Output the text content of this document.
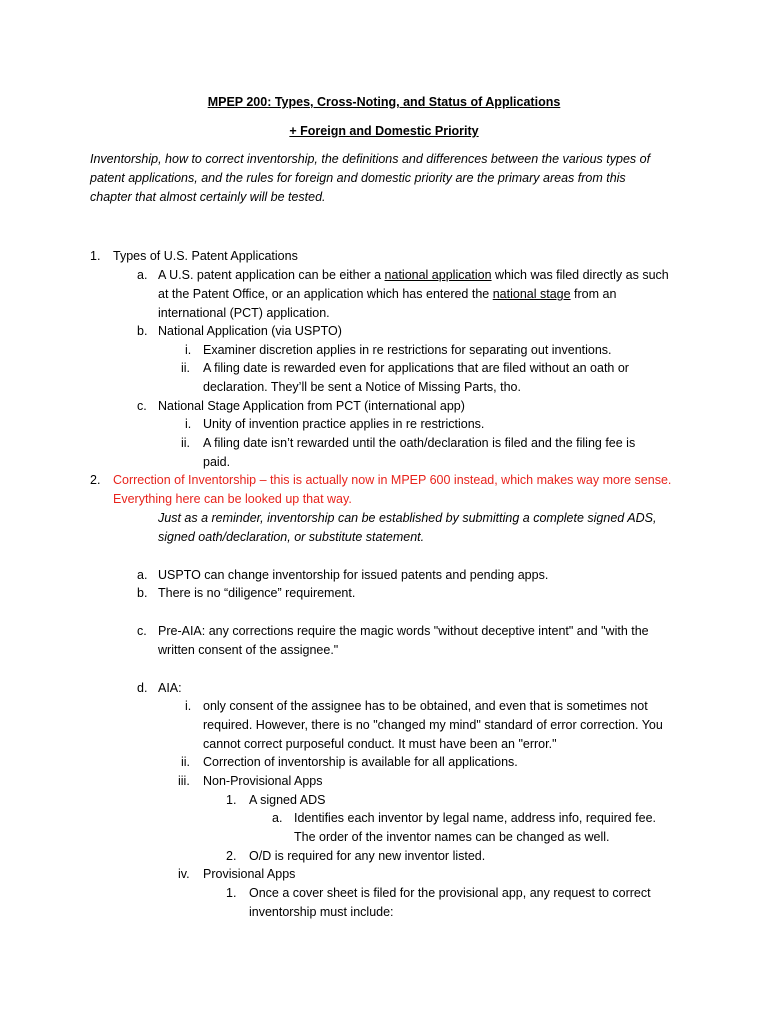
MPEP 200: Types, Cross-Noting, and Status of Applications
+ Foreign and Domestic Priority
Inventorship, how to correct inventorship, the definitions and differences between the various types of
patent applications, and the rules for foreign and domestic priority are the primary areas from this
chapter that almost certainly will be tested.
1. Types of U.S. Patent Applications
a. A U.S. patent application can be either a national application which was filed directly as such
at the Patent Office, or an application which has entered the national stage from an
international (PCT) application.
b. National Application (via USPTO)
i. Examiner discretion applies in re restrictions for separating out inventions.
ii. A filing date is rewarded even for applications that are filed without an oath or
declaration. They’ll be sent a Notice of Missing Parts, tho.
c. National Stage Application from PCT (international app)
i. Unity of invention practice applies in re restrictions.
ii. A filing date isn’t rewarded until the oath/declaration is filed and the filing fee is
paid.
2. Correction of Inventorship – this is actually now in MPEP 600 instead, which makes way more sense.
Everything here can be looked up that way.
Just as a reminder, inventorship can be established by submitting a complete signed ADS,
signed oath/declaration, or substitute statement.
a. USPTO can change inventorship for issued patents and pending apps.
b. There is no “diligence” requirement.
c. Pre-AIA: any corrections require the magic words "without deceptive intent" and "with the
written consent of the assignee."
d. AIA:
i. only consent of the assignee has to be obtained, and even that is sometimes not
required. However, there is no "changed my mind" standard of error correction. You
cannot correct purposeful conduct. It must have been an "error."
ii. Correction of inventorship is available for all applications.
iii. Non-Provisional Apps
1. A signed ADS
a. Identifies each inventor by legal name, address info, required fee.
The order of the inventor names can be changed as well.
2. O/D is required for any new inventor listed.
iv. Provisional Apps
1. Once a cover sheet is filed for the provisional app, any request to correct
inventorship must include:
